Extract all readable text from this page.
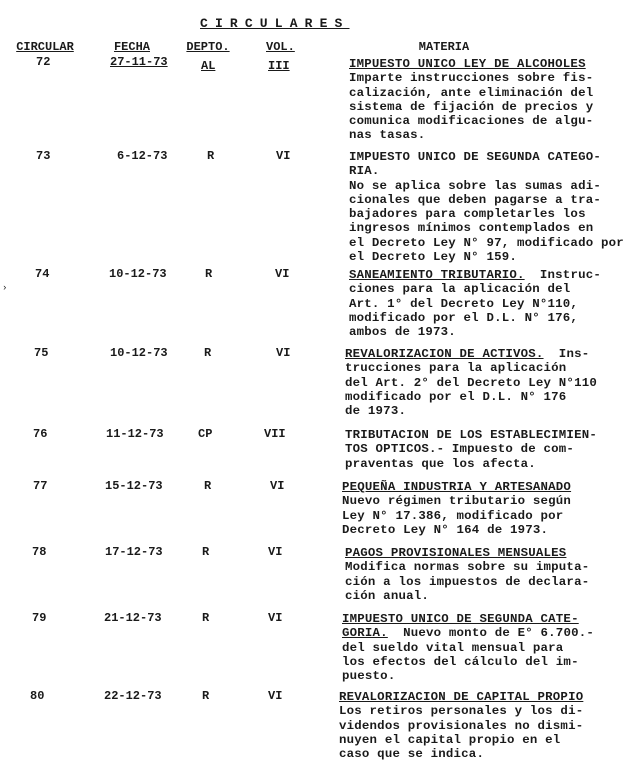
CIRCULARES
CIRCULAR	FECHA	DEPTO.	VOL.	MATERIA
›
72	27-11-73	AL	III	IMPUESTO UNICO LEY DE ALCOHOLES
Imparte instrucciones sobre fis-
calización, ante eliminación del
sistema de fijación de precios y
comunica modificaciones de algu-
nas tasas.
73	6-12-73	R	VI	IMPUESTO UNICO DE SEGUNDA CATEGO-
RIA.
No se aplica sobre las sumas adi-
cionales que deben pagarse a tra-
bajadores para completarles los
ingresos mínimos contemplados en
el Decreto Ley N° 97, modificado por
el Decreto Ley N° 159.
74	10-12-73	R	VI	SANEAMIENTO TRIBUTARIO.  Instruc-
ciones para la aplicación del
Art. 1° del Decreto Ley N°110,
modificado por el D.L. N° 176,
ambos de 1973.
75	10-12-73	R	VI	REVALORIZACION DE ACTIVOS.  Ins-
trucciones para la aplicación
del Art. 2° del Decreto Ley N°110
modificado por el D.L. N° 176
de 1973.
76	11-12-73	CP	VII	TRIBUTACION DE LOS ESTABLECIMIEN-
TOS OPTICOS.- Impuesto de com-
praventas que los afecta.
77	15-12-73	R	VI	PEQUEÑA INDUSTRIA Y ARTESANADO
Nuevo régimen tributario según
Ley N° 17.386, modificado por
Decreto Ley N° 164 de 1973.
78	17-12-73	R	VI	PAGOS PROVISIONALES MENSUALES
Modifica normas sobre su imputa-
ción a los impuestos de declara-
ción anual.
79	21-12-73	R	VI	IMPUESTO UNICO DE SEGUNDA CATE-
GORIA.  Nuevo monto de E° 6.700.-
del sueldo vital mensual para
los efectos del cálculo del im-
puesto.
80	22-12-73	R	VI	REVALORIZACION DE CAPITAL PROPIO
Los retiros personales y los di-
videndos provisionales no dismi-
nuyen el capital propio en el
caso que se indica.
